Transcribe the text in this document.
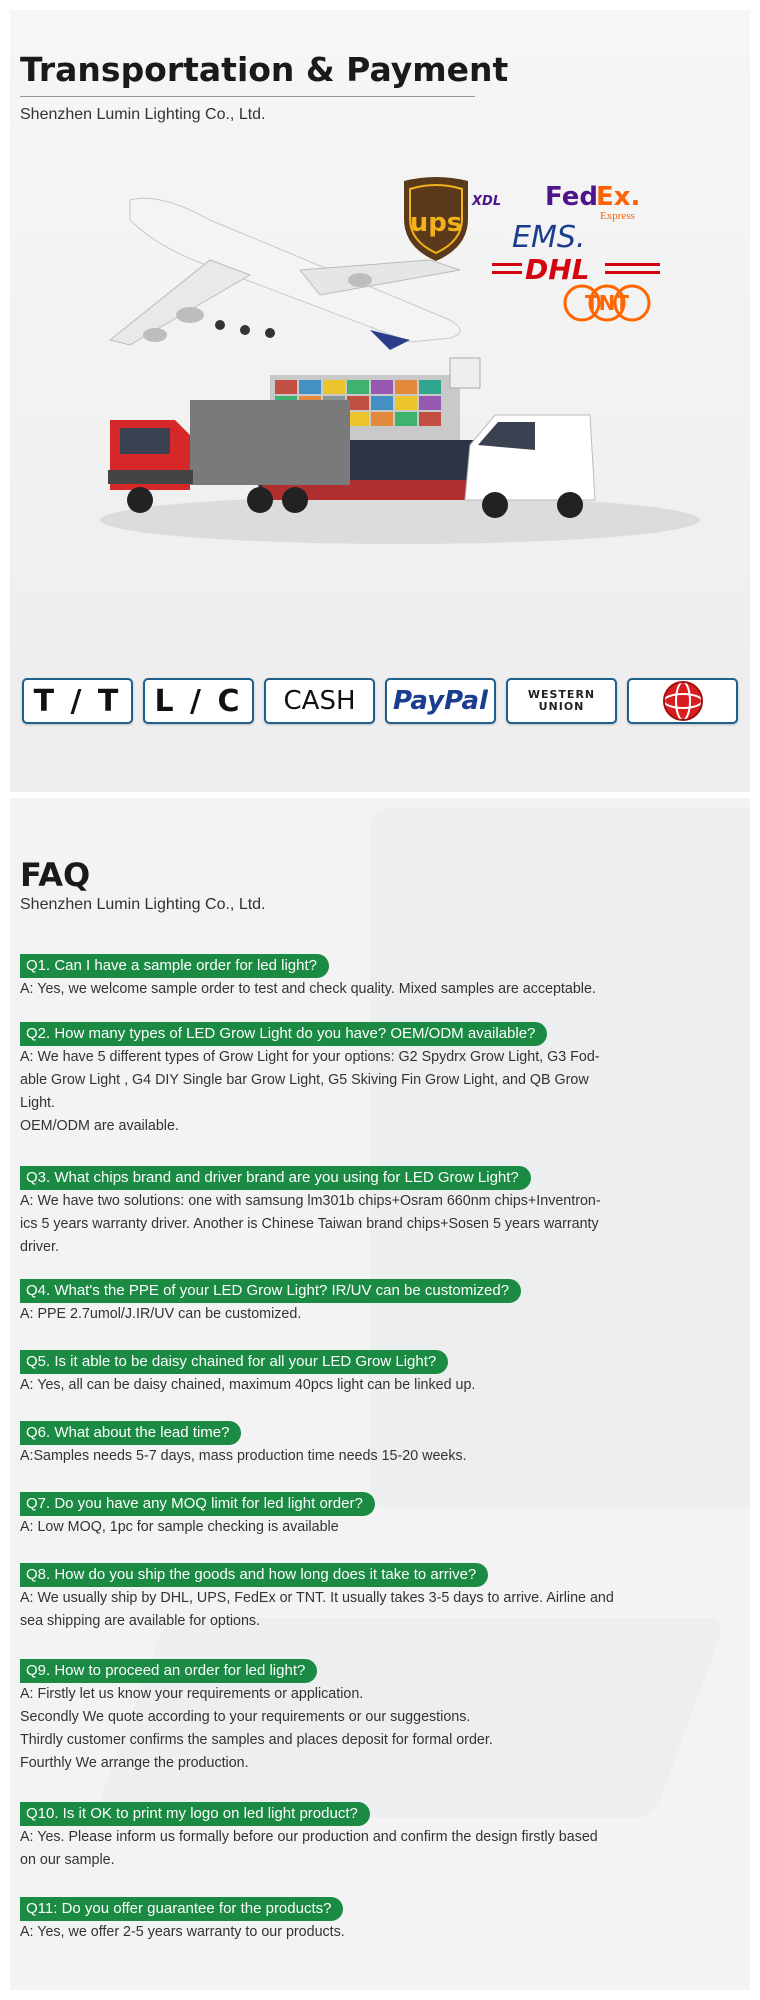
Transportation & Payment

Shenzhen Lumin Lighting Co., Ltd.

ups
XDL Fed
Ex.
Express
EMS.
DHL
TNT
T / T L / C CASH PayPal	WESTERN
UNION
FAQ

Shenzhen Lumin Lighting Co., Ltd.

Q1. Can I have a sample order for led light?

A: Yes, we welcome sample order to test and check quality. Mixed samples are acceptable.

Q2. How many types of LED Grow Light do you have? OEM/ODM available?

A: We have 5 different types of Grow Light for your options: G2 Spydrx Grow Light, G3 Fod-
able Grow Light , G4 DIY Single bar Grow Light, G5 Skiving Fin Grow Light, and QB Grow
Light.
OEM/ODM are available.

Q3. What chips brand and driver brand are you using for LED Grow Light?

A: We have two solutions: one with samsung lm301b chips+Osram 660nm chips+Inventron-
ics 5 years warranty driver. Another is Chinese Taiwan brand chips+Sosen 5 years warranty
driver.

Q4. What's the PPE of your LED Grow Light? IR/UV can be customized?

A: PPE 2.7umol/J.IR/UV can be customized.

Q5. Is it able to be daisy chained for all your LED Grow Light?

A: Yes, all can be daisy chained, maximum 40pcs light can be linked up.

Q6. What about the lead time?

A:Samples needs 5-7 days, mass production time needs 15-20 weeks.

Q7. Do you have any MOQ limit for led light order?

A: Low MOQ, 1pc for sample checking is available

Q8. How do you ship the goods and how long does it take to arrive?

A: We usually ship by DHL, UPS, FedEx or TNT. It usually takes 3-5 days to arrive. Airline and
sea shipping are available for options.

Q9. How to proceed an order for led light?

A: Firstly let us know your requirements or application.
Secondly We quote according to your requirements or our suggestions.
Thirdly customer confirms the samples and places deposit for formal order.
Fourthly We arrange the production.

Q10. Is it OK to print my logo on led light product?

A: Yes. Please inform us formally before our production and confirm the design firstly based
on our sample.

Q11: Do you offer guarantee for the products?

A: Yes, we offer 2-5 years warranty to our products.
